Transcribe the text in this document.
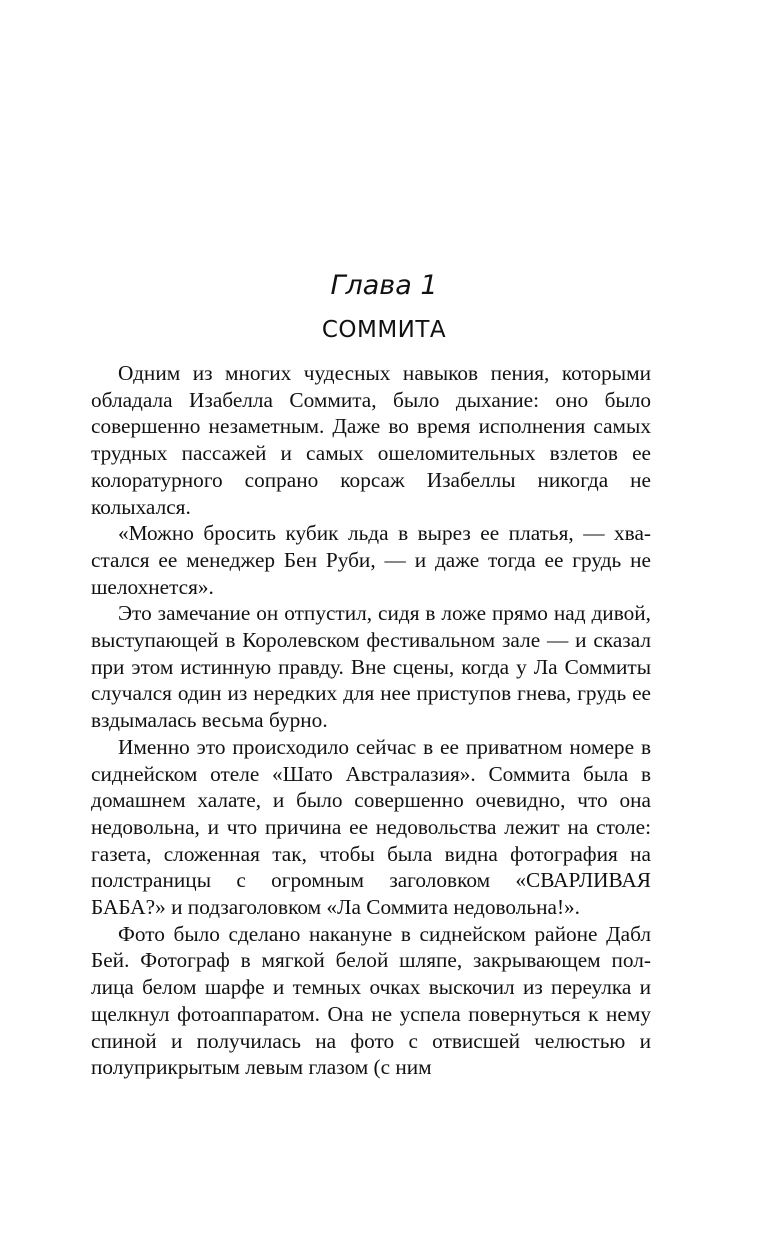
Глава 1
СОММИТА

Одним из многих чудесных навыков пения, которыми обладала Изабелла Соммита, было дыхание: оно было совершенно незаметным. Даже во время исполнения самых трудных пассажей и самых ошеломительных взлетов ее колоратурного сопрано корсаж Изабеллы никогда не колыхался.

«Можно бросить кубик льда в вырез ее платья, — хвастался ее менеджер Бен Руби, — и даже тогда ее грудь не шелохнется».

Это замечание он отпустил, сидя в ложе прямо над дивой, выступающей в Королевском фестивальном зале — и сказал при этом истинную правду. Вне сцены, когда у Ла Соммиты случался один из нередких для нее приступов гнева, грудь ее вздымалась весьма бурно.

Именно это происходило сейчас в ее приватном номере в сиднейском отеле «Шато Австралазия». Соммита была в домашнем халате, и было совершенно очевидно, что она недовольна, и что причина ее недовольства лежит на столе: газета, сложенная так, чтобы была видна фотография на полстраницы с огромным заголовком «СВАРЛИВАЯ БАБА?» и подзаголовком «Ла Соммита недовольна!».

Фото было сделано накануне в сиднейском районе Дабл Бей. Фотограф в мягкой белой шляпе, закрывающем пол-лица белом шарфе и темных очках выскочил из переулка и щелкнул фотоаппаратом. Она не успела повернуться к нему спиной и получилась на фото с отвисшей челюстью и полуприкрытым левым глазом (с ним
